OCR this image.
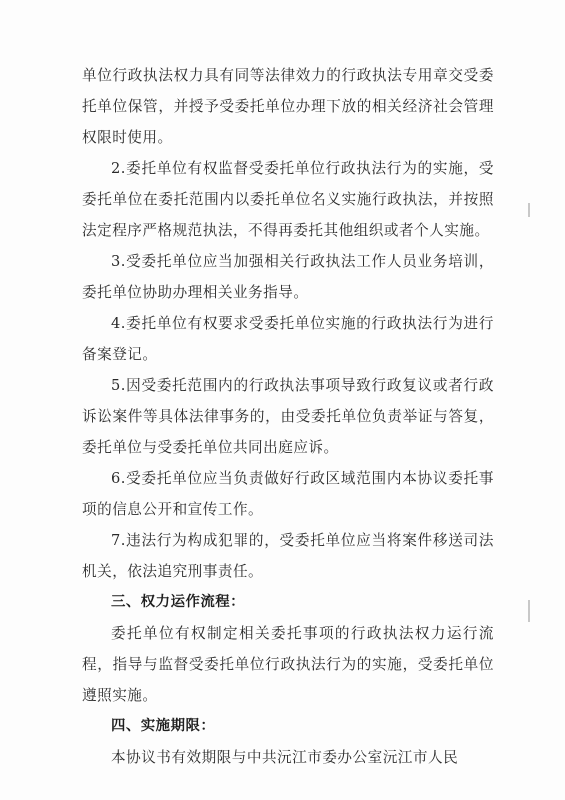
单位行政执法权力具有同等法律效力的行政执法专用章交受委托单位保管，并授予受委托单位办理下放的相关经济社会管理权限时使用。

2.委托单位有权监督受委托单位行政执法行为的实施，受委托单位在委托范围内以委托单位名义实施行政执法，并按照法定程序严格规范执法，不得再委托其他组织或者个人实施。

3.受委托单位应当加强相关行政执法工作人员业务培训，委托单位协助办理相关业务指导。

4.委托单位有权要求受委托单位实施的行政执法行为进行备案登记。

5.因受委托范围内的行政执法事项导致行政复议或者行政诉讼案件等具体法律事务的，由受委托单位负责举证与答复，委托单位与受委托单位共同出庭应诉。

6.受委托单位应当负责做好行政区域范围内本协议委托事项的信息公开和宣传工作。

7.违法行为构成犯罪的，受委托单位应当将案件移送司法机关，依法追究刑事责任。

三、权力运作流程：

委托单位有权制定相关委托事项的行政执法权力运行流程，指导与监督受委托单位行政执法行为的实施，受委托单位遵照实施。

四、实施期限：

本协议书有效期限与中共沅江市委办公室沅江市人民
